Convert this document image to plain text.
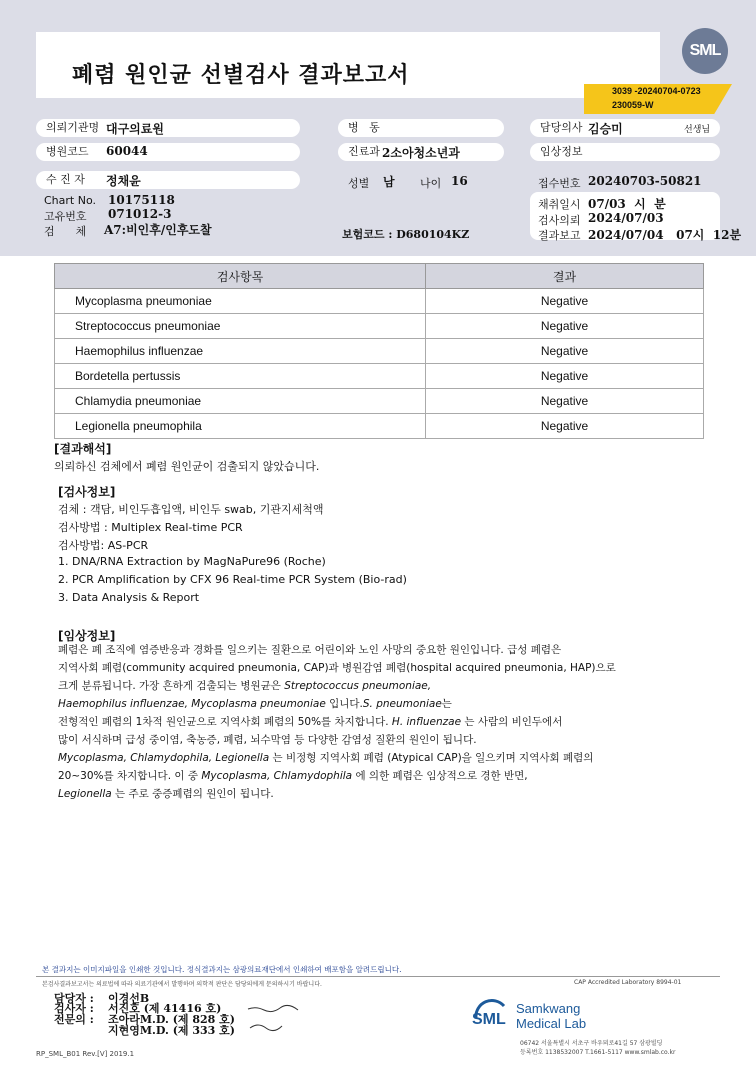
폐렴 원인균 선별검사 결과보고서
SML
3039 -20240704-0723
230059-W
의뢰기관명 대구의료원
병원코드	60044
수 진 자	정채윤
Chart No. 10175118
고유번호 071012-3
검      체 A7:비인후/인후도찰
병   동
진료과 2소아청소년과
성별 남 나이 16
보험코드 : D680104KZ
담당의사 김승미	선생님
임상정보
접수번호 20240703-50821
채취일시 07/03  시  분
검사의뢰 2024/07/03
결과보고 2024/07/04   07시  12분
검사항목	결과
Mycoplasma pneumoniae	Negative
Streptococcus pneumoniae	Negative
Haemophilus influenzae	Negative
Bordetella pertussis	Negative
Chlamydia pneumoniae	Negative
Legionella pneumophila	Negative
[결과해석]
의뢰하신 검체에서 폐렴 원인균이 검출되지 않았습니다.
[검사정보]
검체 : 객담, 비인두흡입액, 비인두 swab, 기관지세척액
검사방법 : Multiplex Real-time PCR
검사방법: AS-PCR
1. DNA/RNA Extraction by MagNaPure96 (Roche)
2. PCR Amplification by CFX 96 Real-time PCR System (Bio-rad)
3. Data Analysis & Report
[임상정보]
폐렴은 폐 조직에 염증반응과 경화를 일으키는 질환으로 어린이와 노인 사망의 중요한 원인입니다. 급성 폐렴은
지역사회 폐렴(community acquired pneumonia, CAP)과 병원감염 폐렴(hospital acquired pneumonia, HAP)으로
크게 분류됩니다. 가장 흔하게 검출되는 병원균은 Streptococcus pneumoniae,
Haemophilus influenzae, Mycoplasma pneumoniae 입니다.S. pneumoniae는
전형적인 폐렴의 1차적 원인균으로 지역사회 폐렴의 50%를 차지합니다. H. influenzae 는 사람의 비인두에서
많이 서식하며 급성 중이염, 축농증, 폐렴, 뇌수막염 등 다양한 감염성 질환의 원인이 됩니다.
Mycoplasma, Chlamydophila, Legionella 는 비정형 지역사회 폐렴 (Atypical CAP)을 일으키며 지역사회 폐렴의
20~30%를 차지합니다. 이 중 Mycoplasma, Chlamydophila 에 의한 폐렴은 임상적으로 경한 반면,
Legionella 는 주로 중증폐렴의 원인이 됩니다.
본 결과지는 이미지파일을 인쇄한 것입니다. 정식결과지는 삼광의료재단에서 인쇄하여 배포함을 알려드립니다.
본검사결과보고서는 의료법에 따라 의료기관에서 발행하며 의학적 판단은 담당의에게 문의하시기 바랍니다.	CAP Accredited Laboratory 8994-01
담당자 : 이경선B
검사자 : 서진호 (제 41416 호)
전문의 : 조아라M.D. (제 828 호)
지현영M.D. (제 333 호)
SML
Samkwang
Medical Lab
06742 서울특별시 서초구 바우뫼로41길 57 삼광빌딩
등록번호 1138532007 T.1661-5117 www.smlab.co.kr
RP_SML_B01 Rev.[V] 2019.1
